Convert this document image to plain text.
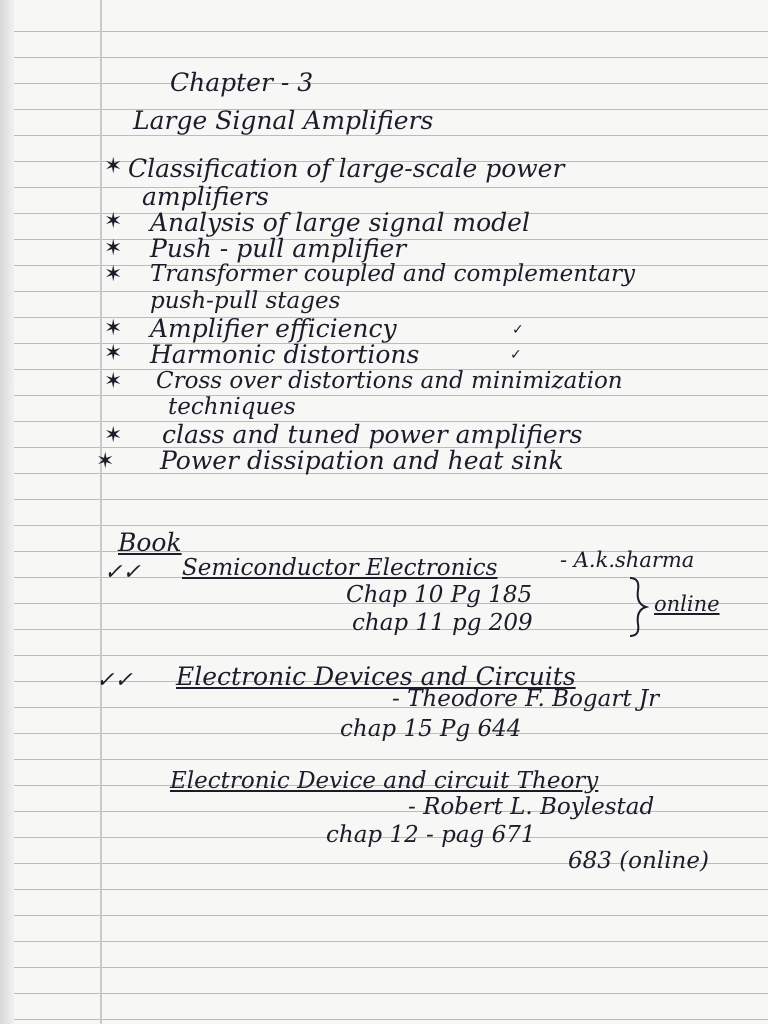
Chapter - 3
Large Signal Amplifiers
✶ Classification of large-scale power
amplifiers
✶ Analysis of large signal model
✶ Push - pull amplifier
✶ Transformer coupled and complementary
push-pull stages
✶ Amplifier efficiency	✓
✶ Harmonic distortions	✓
✶ Cross over distortions and minimization
techniques
✶ class and tuned power amplifiers
✶ Power dissipation and heat sink
Book
✓✓ Semiconductor Electronics	- A.k.sharma
Chap 10 Pg 185
chap 11 pg 209
online
✓✓ Electronic Devices and Circuits
- Theodore F. Bogart Jr
chap 15 Pg 644
Electronic Device and circuit Theory
- Robert L. Boylestad
chap 12 - pag 671
683 (online)
